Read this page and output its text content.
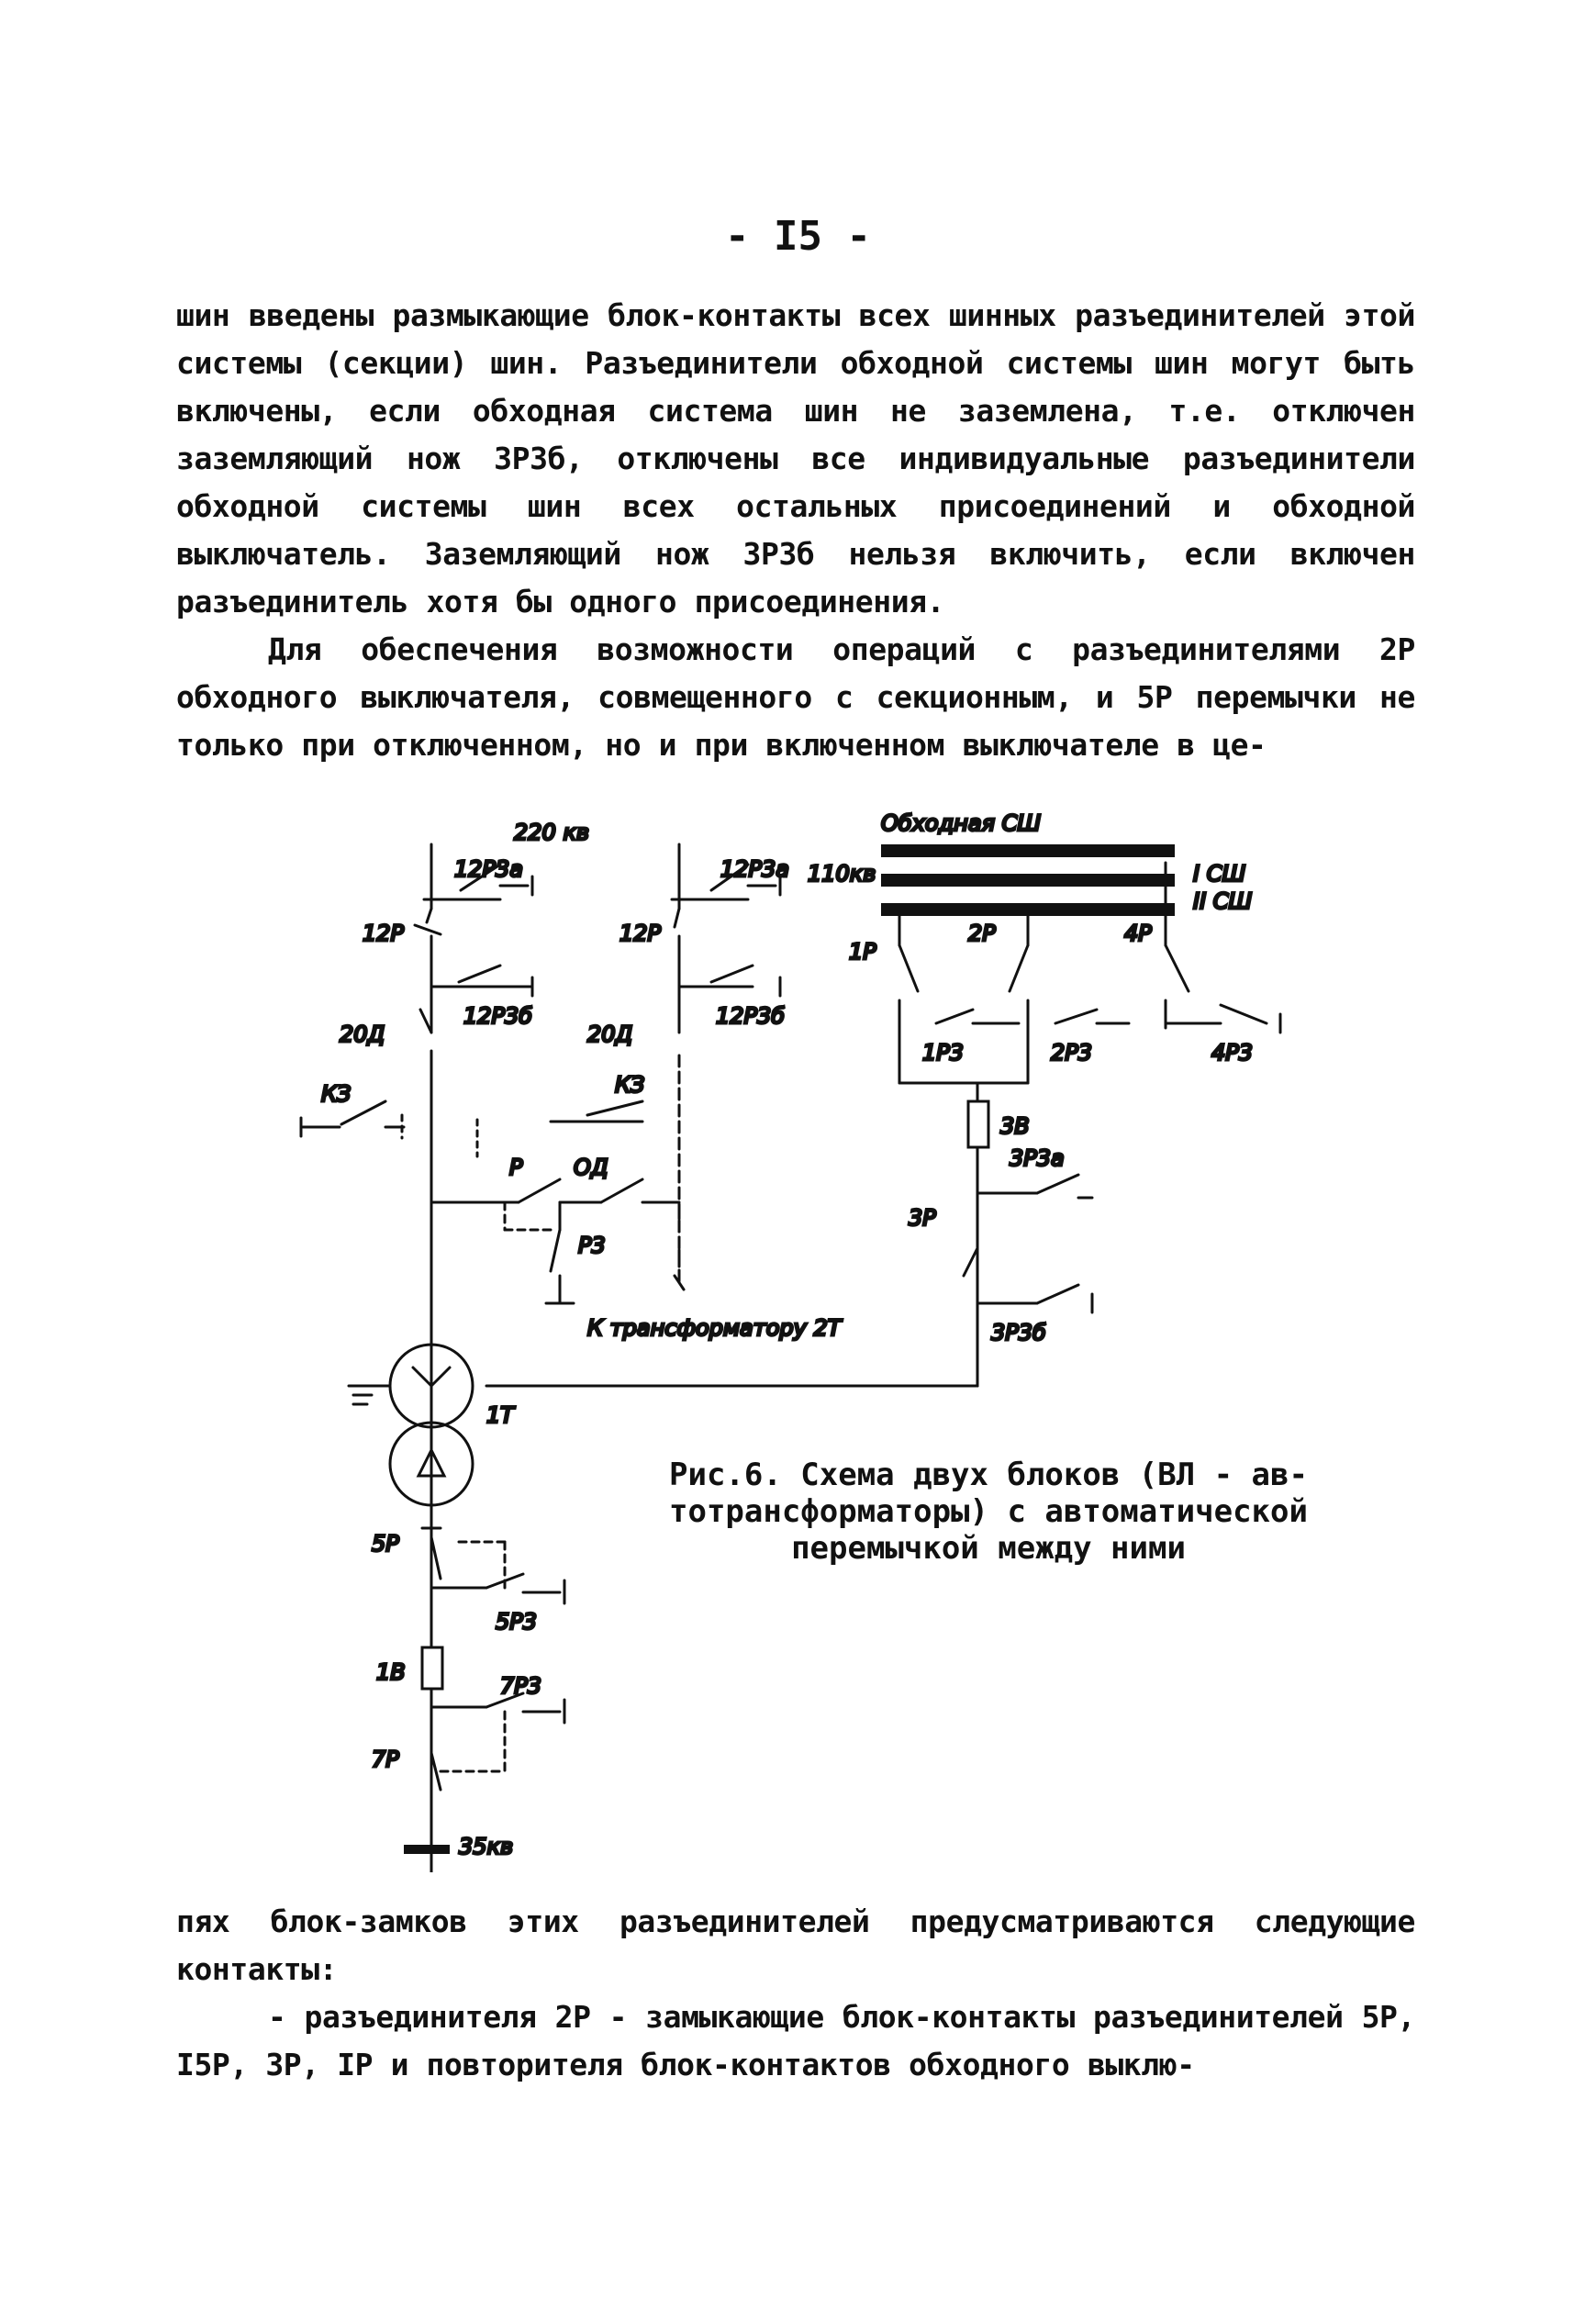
- I5 -

шин введены размыкающие блок-контакты всех шинных разъединителей этой системы (секции) шин. Разъединители обходной системы шин могут быть включены, если обходная система шин не заземлена, т.е. отключен заземляющий нож 3Р3б, отключены все индивидуальные разъединители обходной системы шин всех остальных присоединений и обходной выключатель. Заземляющий нож 3Р3б нельзя включить, если включен разъединитель хотя бы одного присоединения.

Для обеспечения возможности операций с разъединителями 2Р обходного выключателя, совмещенного с секционным, и 5Р перемычки не только при отключенном, но и при включенном выключателе в це-

220 кв
12Р3а
12Р
12Р3б
20Д
КЗ
12Р3а
12Р
12Р3б
20Д
КЗ
Р ОД
Р3
К трансформатору 2Т
Обходная СШ
110кв	I СШ
II СШ
1Р
2Р	4Р
1Р3	2Р3	4Р3
3В
3Р3а
3Р
3Р3б
1Т
5Р
5Р3
1В
7Р3
7Р
35кв

Рис.6. Схема двух блоков (ВЛ - ав-
тотрансформаторы) с автоматической
перемычкой между ними

пях блок-замков этих разъединителей предусматриваются следующие контакты:

- разъединителя 2Р - замыкающие блок-контакты разъединителей 5Р, I5Р, 3Р, IР и повторителя блок-контактов обходного выклю-
